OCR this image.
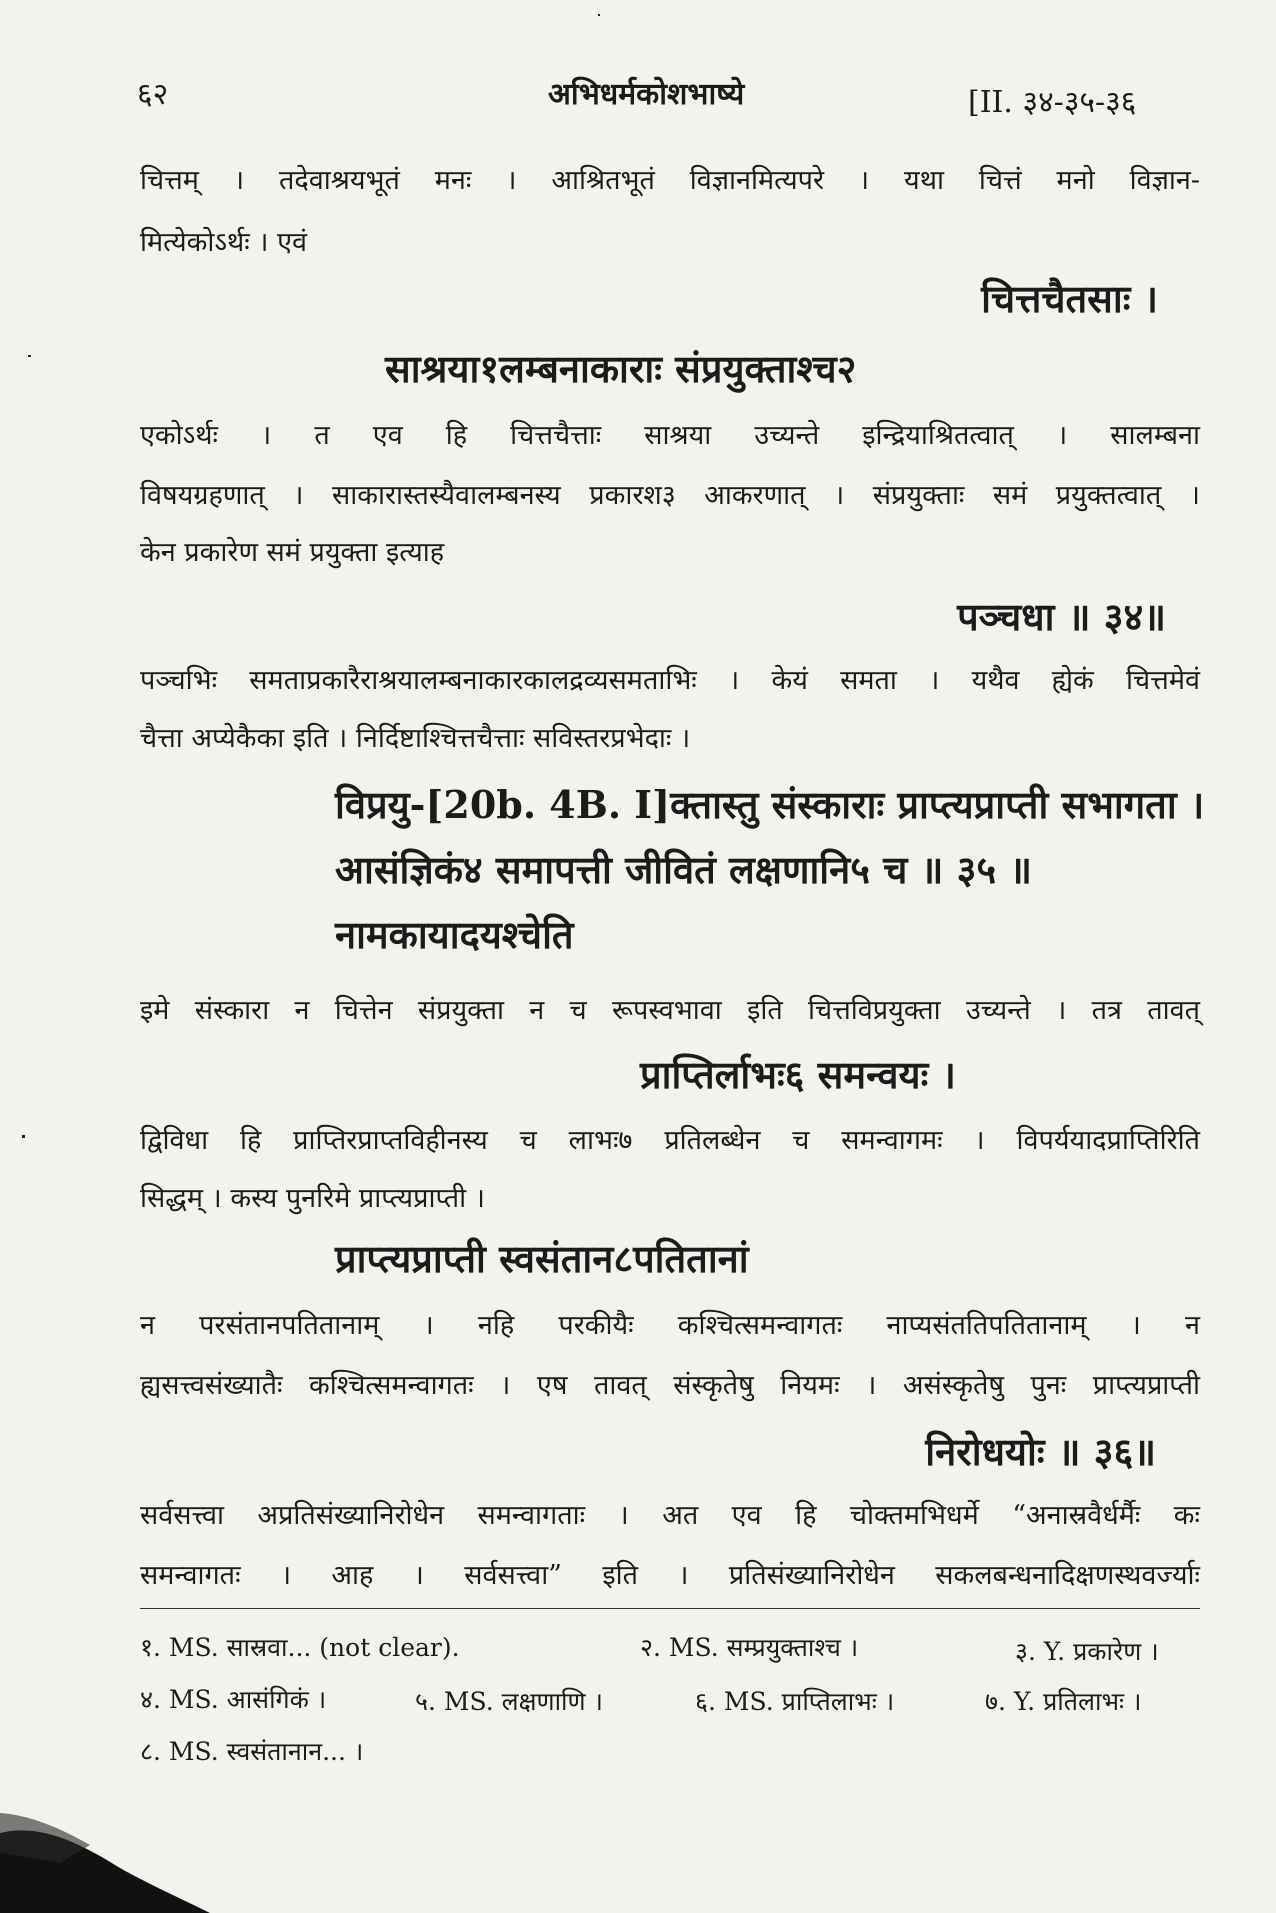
६२	अभिधर्मकोशभाष्ये	[II. ३४-३५-३६
चित्तम् । तदेवाश्रयभूतं मनः । आश्रितभूतं विज्ञानमित्यपरे । यथा चित्तं मनो विज्ञान-
मित्येकोऽर्थः । एवं
चित्तचैतसाः ।
साश्रया१लम्बनाकाराः संप्रयुक्ताश्च२
एकोऽर्थः । त एव हि चित्तचैत्ताः साश्रया उच्यन्ते इन्द्रियाश्रितत्वात् । सालम्बना
विषयग्रहणात् । साकारास्तस्यैवालम्बनस्य प्रकारश३ आकरणात् । संप्रयुक्ताः समं प्रयुक्तत्वात् ।
केन प्रकारेण समं प्रयुक्ता इत्याह
पञ्चधा ॥ ३४॥
पञ्चभिः समताप्रकारैराश्रयालम्बनाकारकालद्रव्यसमताभिः । केयं समता । यथैव ह्येकं चित्तमेवं
चैत्ता अप्येकैका इति । निर्दिष्टाश्चित्तचैत्ताः सविस्तरप्रभेदाः ।
विप्रयु-[20b. 4B. I]क्तास्तु संस्काराः प्राप्त्यप्राप्ती सभागता ।
आसंज्ञिकं४ समापत्ती जीवितं लक्षणानि५ च ॥ ३५ ॥
नामकायादयश्चेति
इमे संस्कारा न चित्तेन संप्रयुक्ता न च रूपस्वभावा इति चित्तविप्रयुक्ता उच्यन्ते । तत्र तावत्
प्राप्तिर्लाभः६ समन्वयः ।
द्विविधा हि प्राप्तिरप्राप्तविहीनस्य च लाभः७ प्रतिलब्धेन च समन्वागमः । विपर्ययादप्राप्तिरिति
सिद्धम् । कस्य पुनरिमे प्राप्त्यप्राप्ती ।
प्राप्त्यप्राप्ती स्वसंतान८पतितानां
न परसंतानपतितानाम् । नहि परकीयैः कश्चित्समन्वागतः नाप्यसंततिपतितानाम् । न
ह्यसत्त्वसंख्यातैः कश्चित्समन्वागतः । एष तावत् संस्कृतेषु नियमः । असंस्कृतेषु पुनः प्राप्त्यप्राप्ती
निरोधयोः ॥ ३६॥
सर्वसत्त्वा अप्रतिसंख्यानिरोधेन समन्वागताः । अत एव हि चोक्तमभिधर्मे “अनास्रवैर्धर्मैः कः
समन्वागतः । आह । सर्वसत्त्वा” इति । प्रतिसंख्यानिरोधेन सकलबन्धनादिक्षणस्थवर्ज्याः
१. MS. सास्रवा... (not clear).	२. MS. सम्प्रयुक्ताश्च ।	३. Y. प्रकारेण ।
४. MS. आसंगिकं ।	५. MS. लक्षणाणि ।	६. MS. प्राप्तिलाभः ।	७. Y. प्रतिलाभः ।
८. MS. स्वसंतानान... ।
